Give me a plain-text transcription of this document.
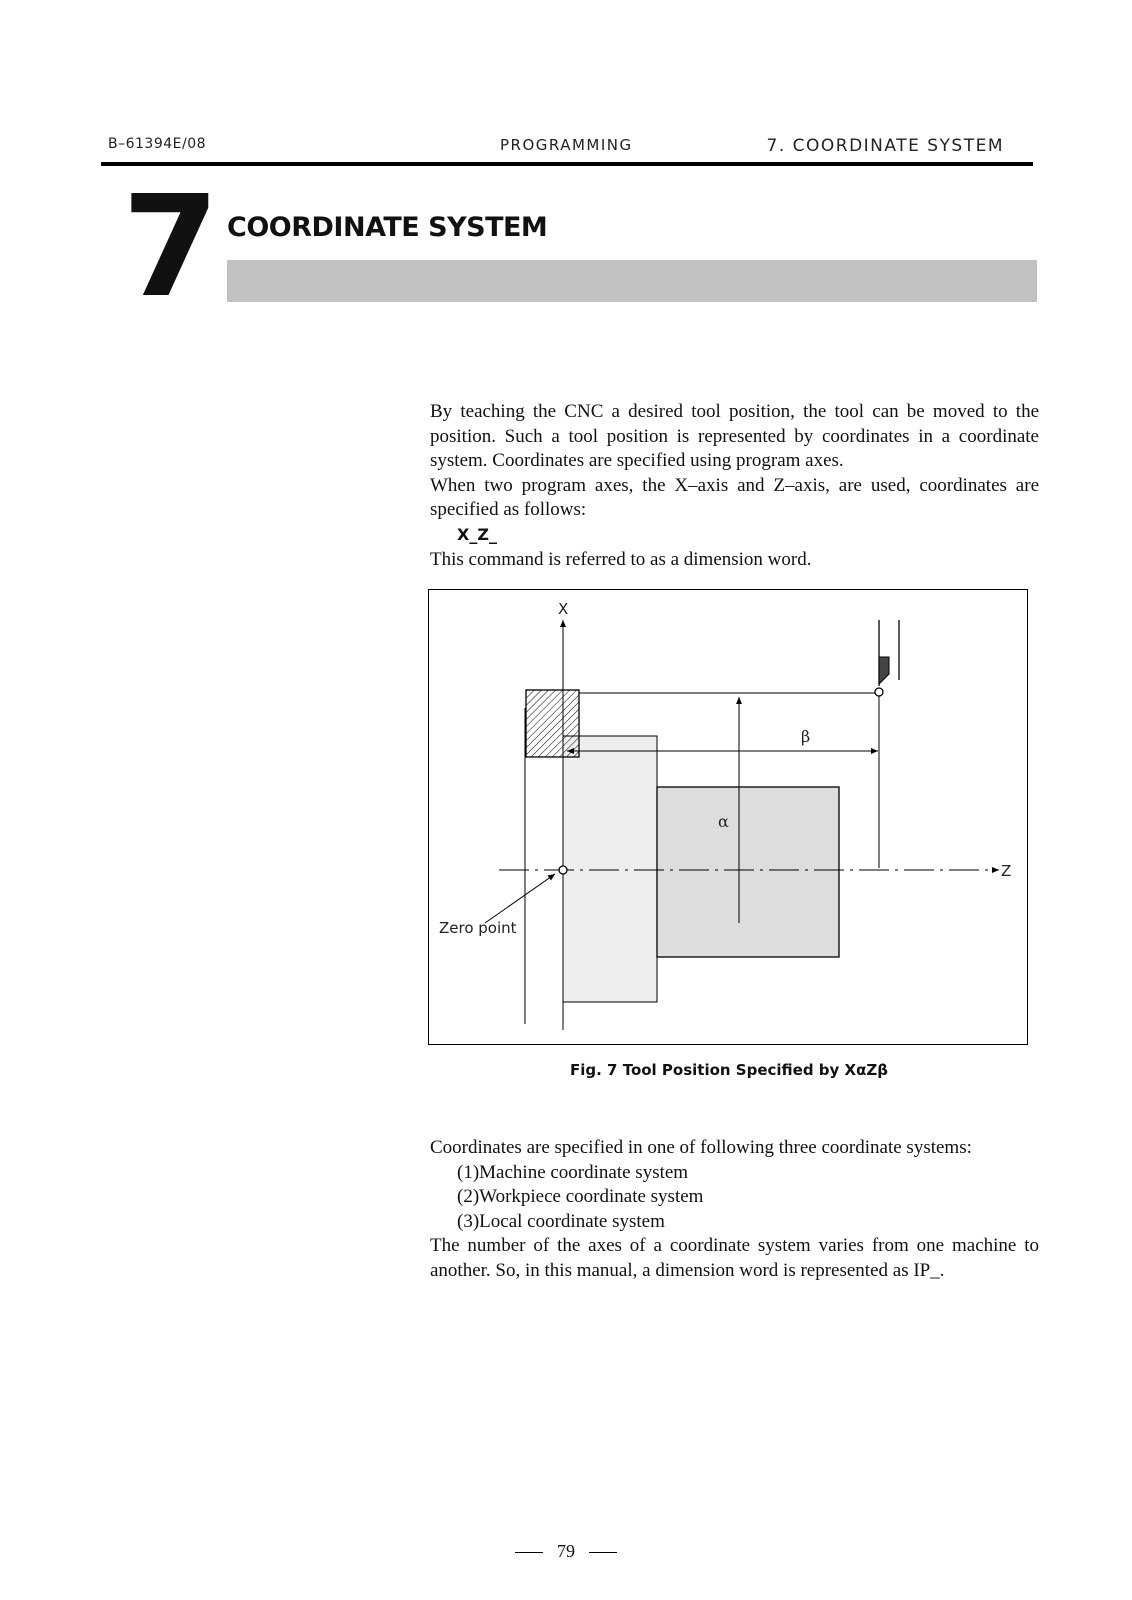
B–61394E/08	PROGRAMMING	7. COORDINATE SYSTEM
7 COORDINATE SYSTEM

By teaching the CNC a desired tool position, the tool can be moved to the position. Such a tool position is represented by coordinates in a coordinate system. Coordinates are specified using program axes.

When two program axes, the X–axis and Z–axis, are used, coordinates are specified as follows:

X_Z_

This command is referred to as a dimension word.

X
Z
α
β
Zero point
Fig. 7 Tool Position Specified by XαZβ

Coordinates are specified in one of following three coordinate systems:

(1)Machine coordinate system

(2)Workpiece coordinate system

(3)Local coordinate system

The number of the axes of a coordinate system varies from one machine to another. So, in this manual, a dimension word is represented as IP_.

79
